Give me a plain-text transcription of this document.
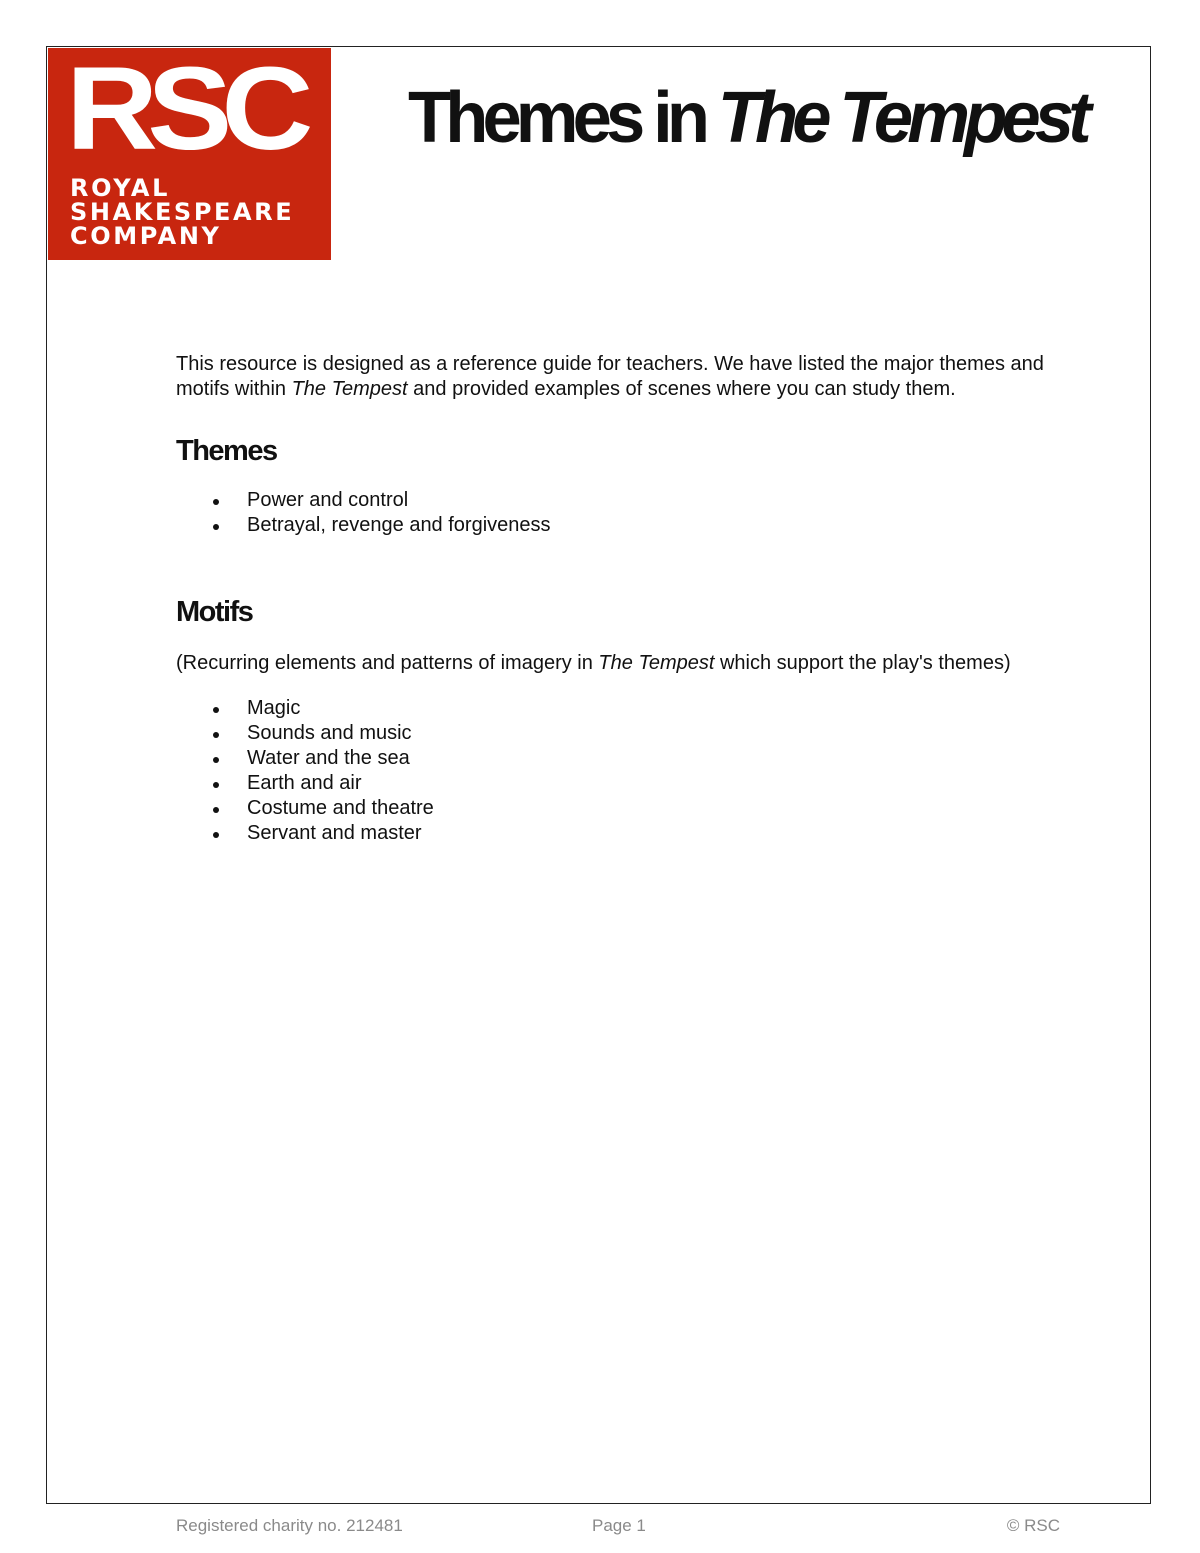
RSC
ROYAL
SHAKESPEARE
COMPANY
Themes in The Tempest

This resource is designed as a reference guide for teachers. We have listed the major themes and motifs within The Tempest and provided examples of scenes where you can study them.

Themes
Power and control
Betrayal, revenge and forgiveness
Motifs

(Recurring elements and patterns of imagery in The Tempest which support the play's themes)

Magic
Sounds and music
Water and the sea
Earth and air
Costume and theatre
Servant and master
Registered charity no. 212481	Page 1	© RSC
